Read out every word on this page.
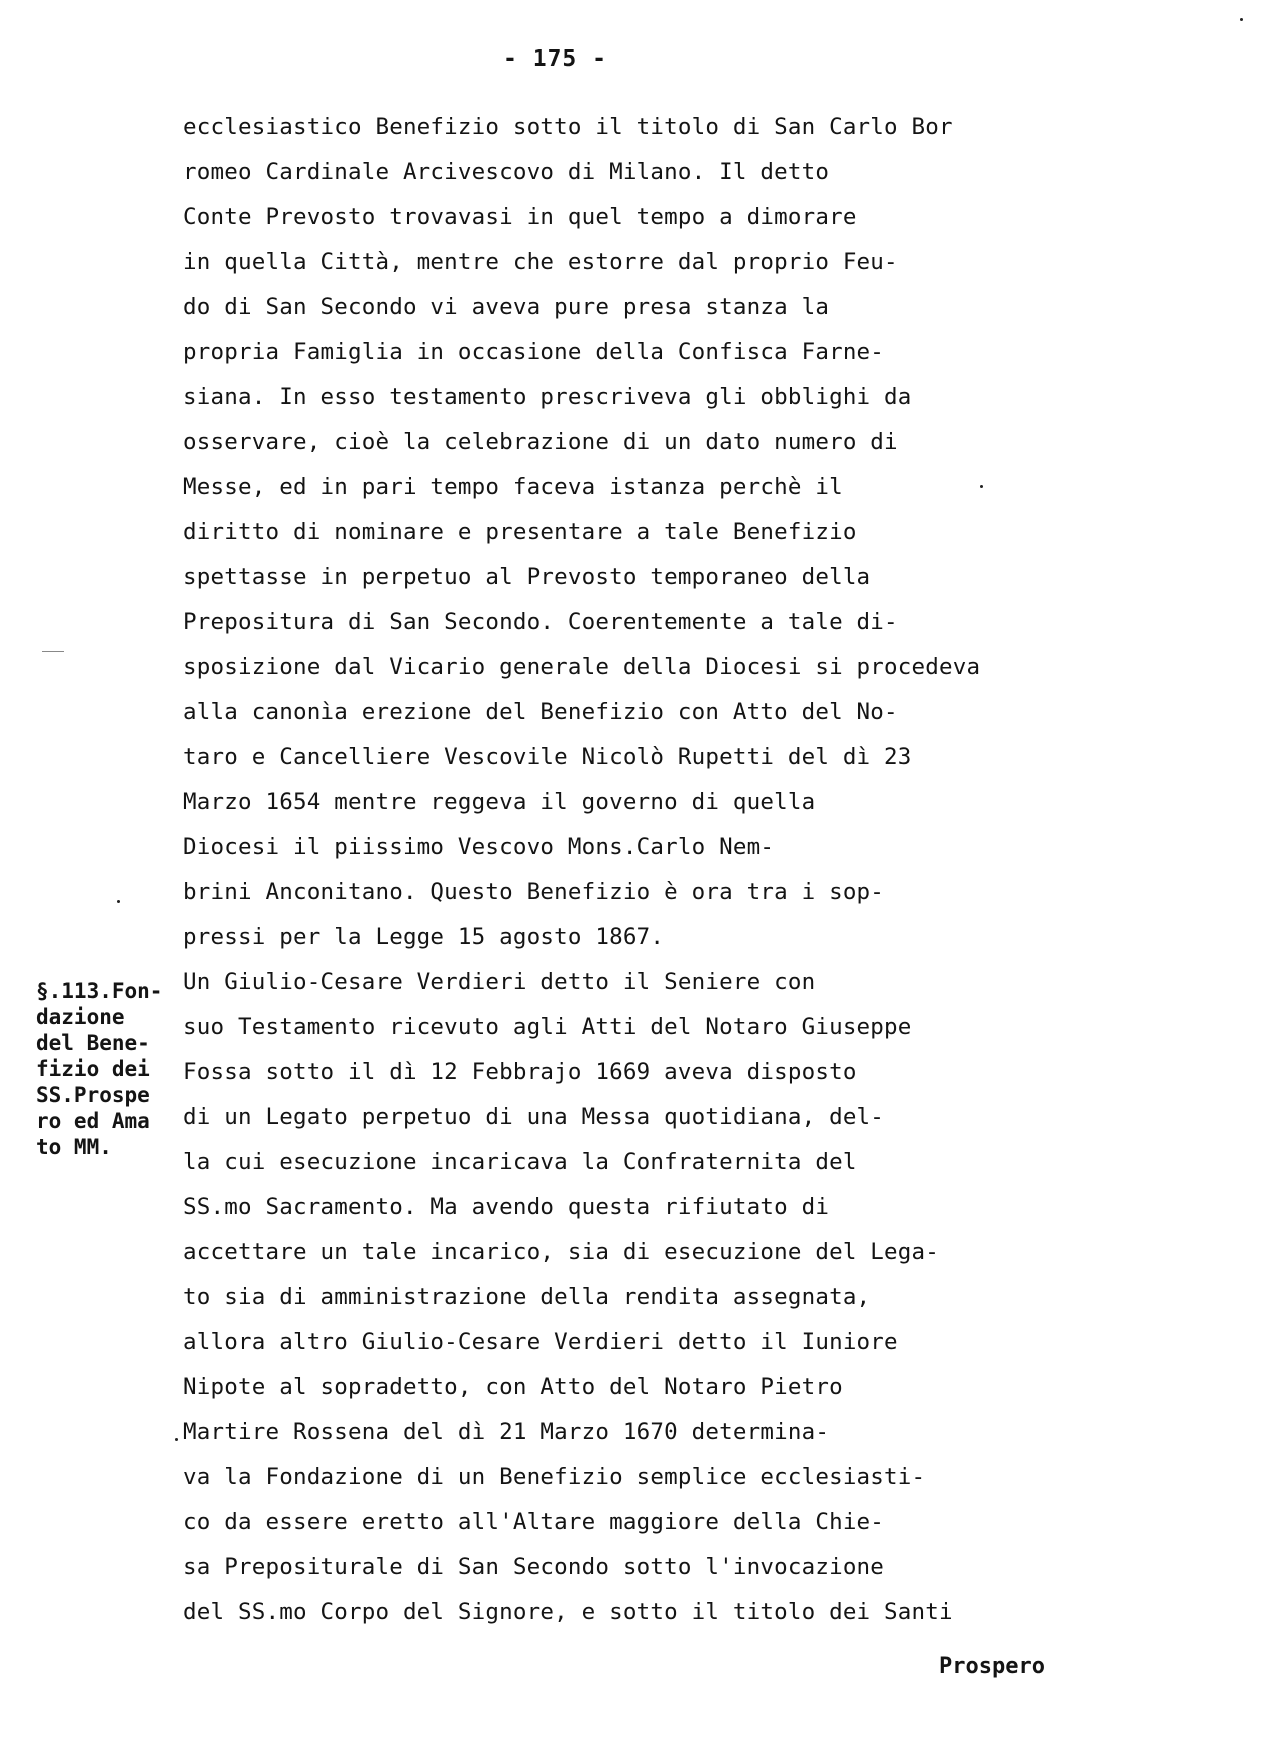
- 175 -
ecclesiastico Benefizio sotto il titolo di San Carlo Bor
romeo Cardinale Arcivescovo di Milano. Il detto
Conte Prevosto trovavasi in quel tempo a dimorare
in quella Città, mentre che estorre dal proprio Feu-
do di San Secondo vi aveva pure presa stanza la
propria Famiglia in occasione della Confisca Farne-
siana. In esso testamento prescriveva gli obblighi da
osservare, cioè la celebrazione di un dato numero di
Messe, ed in pari tempo faceva istanza perchè il
diritto di nominare e presentare a tale Benefizio
spettasse in perpetuo al Prevosto temporaneo della
Prepositura di San Secondo. Coerentemente a tale di-
sposizione dal Vicario generale della Diocesi si procedeva
alla canonìa erezione del Benefizio con Atto del No-
taro e Cancelliere Vescovile Nicolò Rupetti del dì 23
Marzo 1654 mentre reggeva il governo di quella
Diocesi il piissimo Vescovo Mons.Carlo Nem-
brini Anconitano. Questo Benefizio è ora tra i sop-
pressi per la Legge 15 agosto 1867.
Un Giulio-Cesare Verdieri detto il Seniere con
suo Testamento ricevuto agli Atti del Notaro Giuseppe
Fossa sotto il dì 12 Febbrajo 1669 aveva disposto
di un Legato perpetuo di una Messa quotidiana, del-
la cui esecuzione incaricava la Confraternita del
SS.mo Sacramento. Ma avendo questa rifiutato di
accettare un tale incarico, sia di esecuzione del Lega-
to sia di amministrazione della rendita assegnata,
allora altro Giulio-Cesare Verdieri detto il Iuniore
Nipote al sopradetto, con Atto del Notaro Pietro
Martire Rossena del dì 21 Marzo 1670 determina-
va la Fondazione di un Benefizio semplice ecclesiasti-
co da essere eretto all'Altare maggiore della Chie-
sa Prepositurale di San Secondo sotto l'invocazione
del SS.mo Corpo del Signore, e sotto il titolo dei Santi
§.113.Fon-
dazione
del Bene-
fizio dei
SS.Prospe
ro ed Ama
to MM.
Prospero
